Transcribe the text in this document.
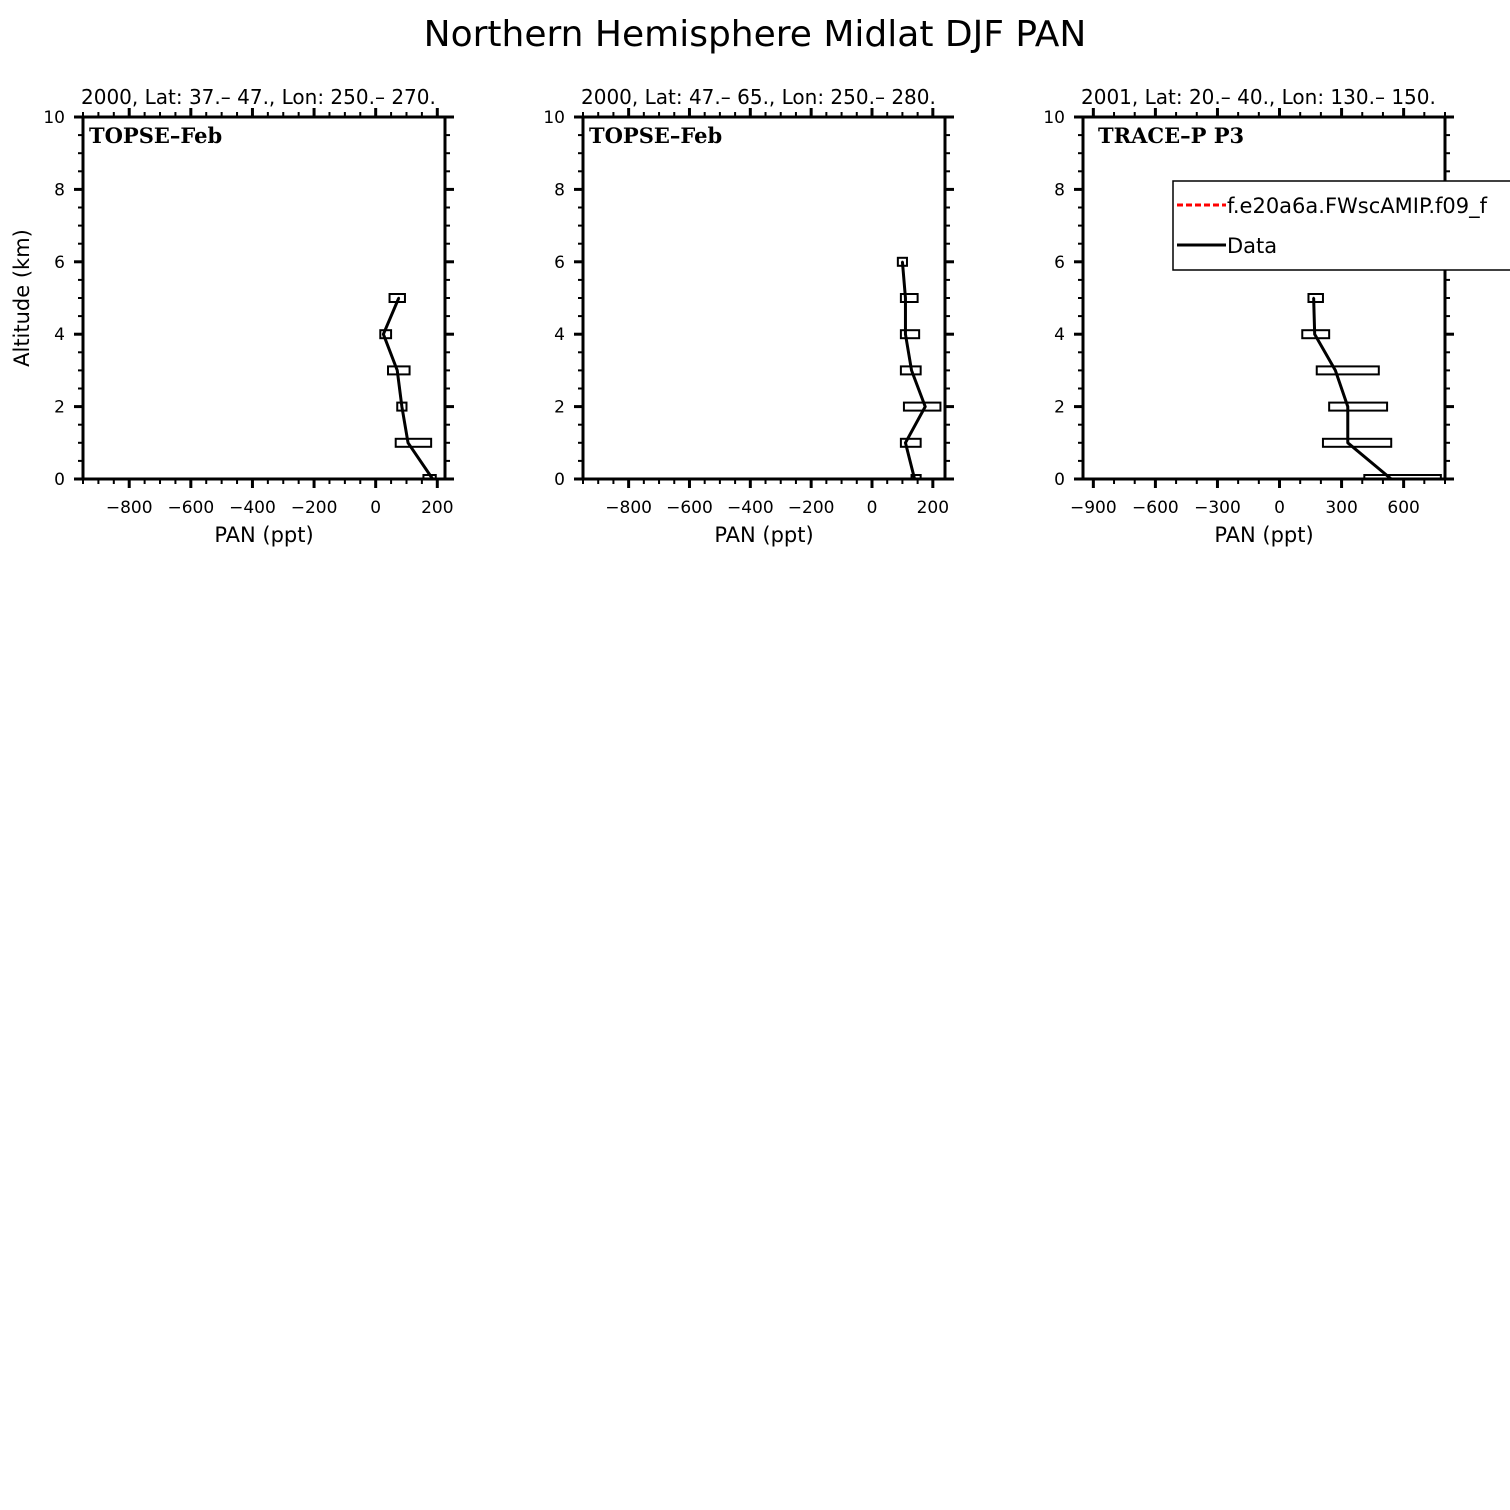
Northern Hemisphere Midlat DJF PAN
Altitude (km)
2000, Lat: 37.– 47., Lon: 250.– 270.
0
2
4
6
8
10
−800 −600 −400 −200 0 200
PAN (ppt)
TOPSE–Feb
2000, Lat: 47.– 65., Lon: 250.– 280.
0
2
4
6
8
10
−800 −600 −400 −200 0 200
PAN (ppt)
TOPSE–Feb
2001, Lat: 20.– 40., Lon: 130.– 150.
0
2
4
6
8
10
−900 −600 −300 0 300 600
PAN (ppt)
TRACE–P P3
f.e20a6a.FWscAMIP.f09_f
Data
